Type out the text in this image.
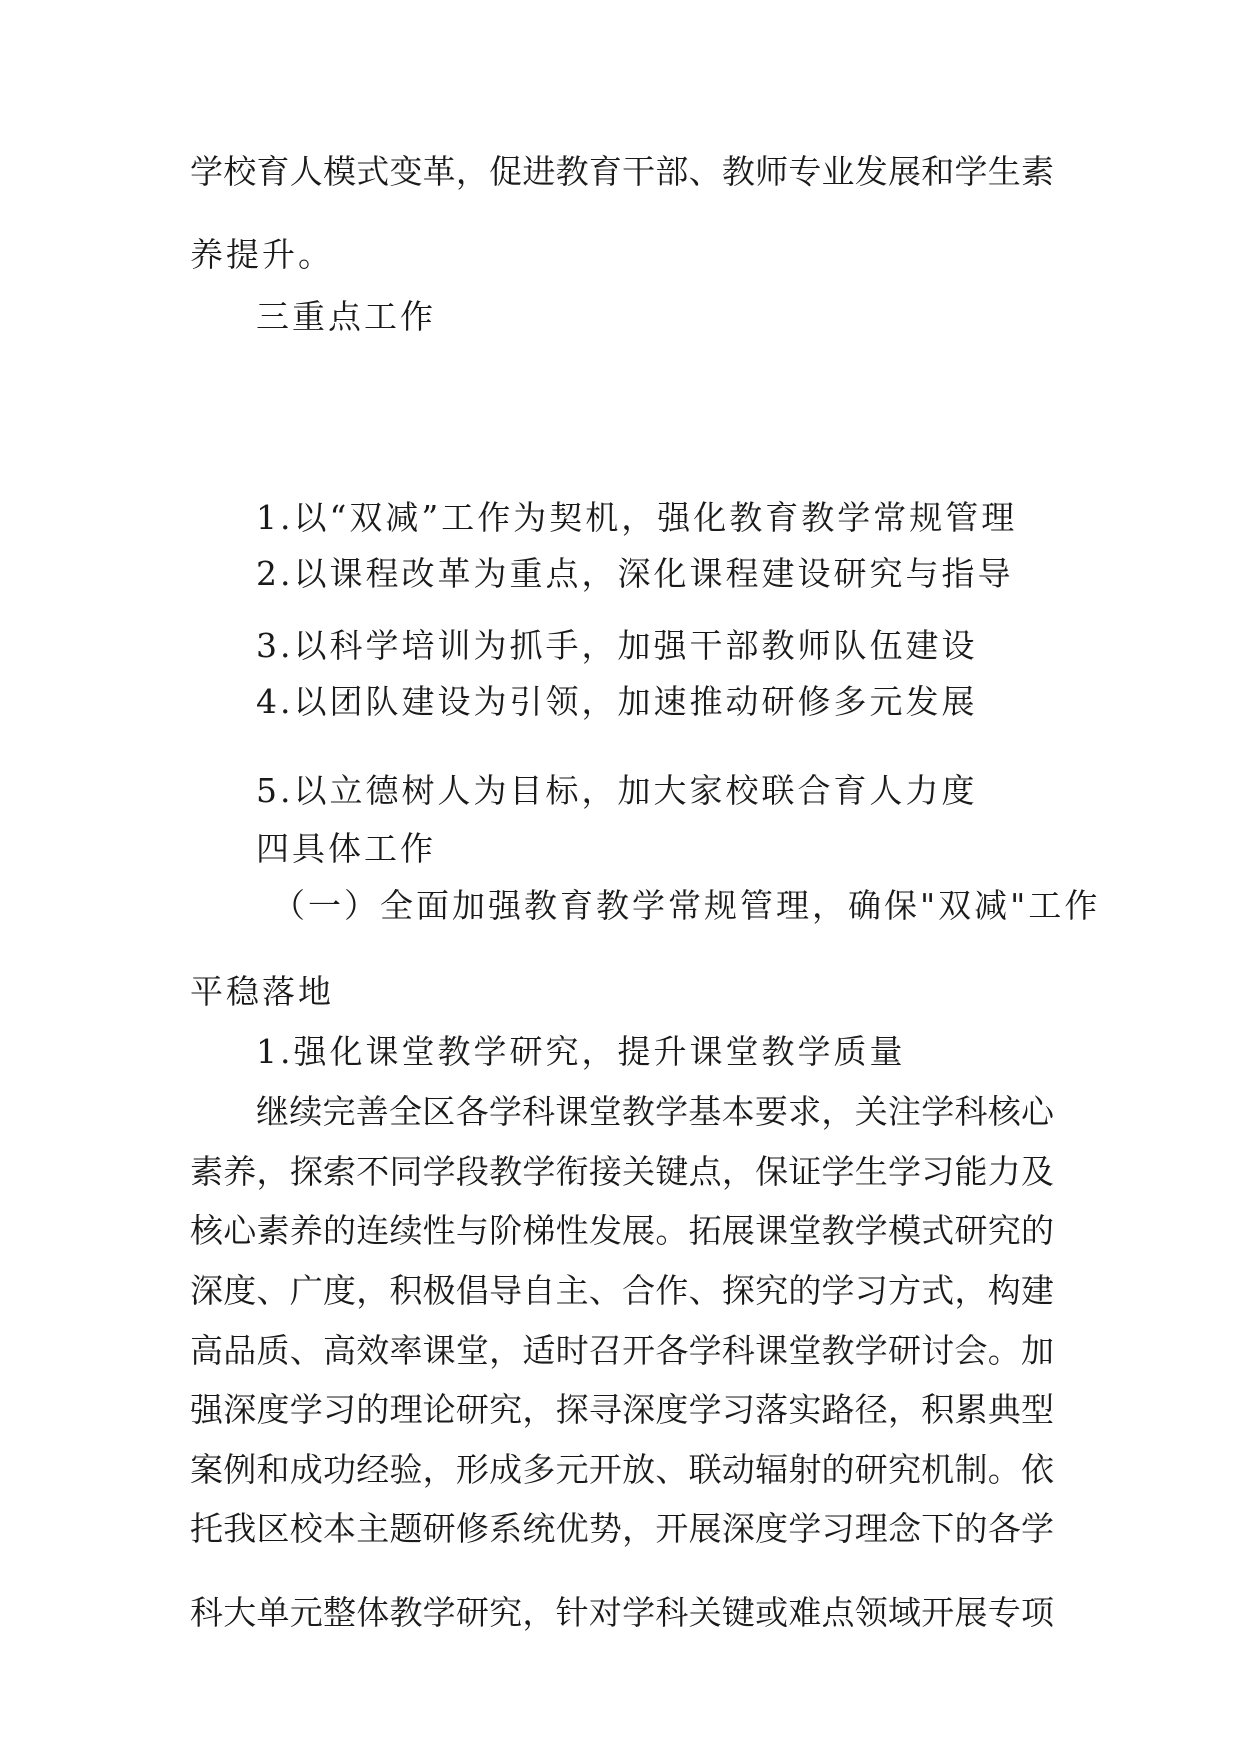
学校育人模式变革，促进教育干部、教师专业发展和学生素
养提升。
三重点工作
1.以“双减”工作为契机，强化教育教学常规管理
2.以课程改革为重点，深化课程建设研究与指导
3.以科学培训为抓手，加强干部教师队伍建设
4.以团队建设为引领，加速推动研修多元发展
5.以立德树人为目标，加大家校联合育人力度
四具体工作
（一）全面加强教育教学常规管理，确保"双减"工作
平稳落地
1.强化课堂教学研究，提升课堂教学质量
继续完善全区各学科课堂教学基本要求，关注学科核心
素养，探索不同学段教学衔接关键点，保证学生学习能力及
核心素养的连续性与阶梯性发展。拓展课堂教学模式研究的
深度、广度，积极倡导自主、合作、探究的学习方式，构建
高品质、高效率课堂，适时召开各学科课堂教学研讨会。加
强深度学习的理论研究，探寻深度学习落实路径，积累典型
案例和成功经验，形成多元开放、联动辐射的研究机制。依
托我区校本主题研修系统优势，开展深度学习理念下的各学
科大单元整体教学研究，针对学科关键或难点领域开展专项
